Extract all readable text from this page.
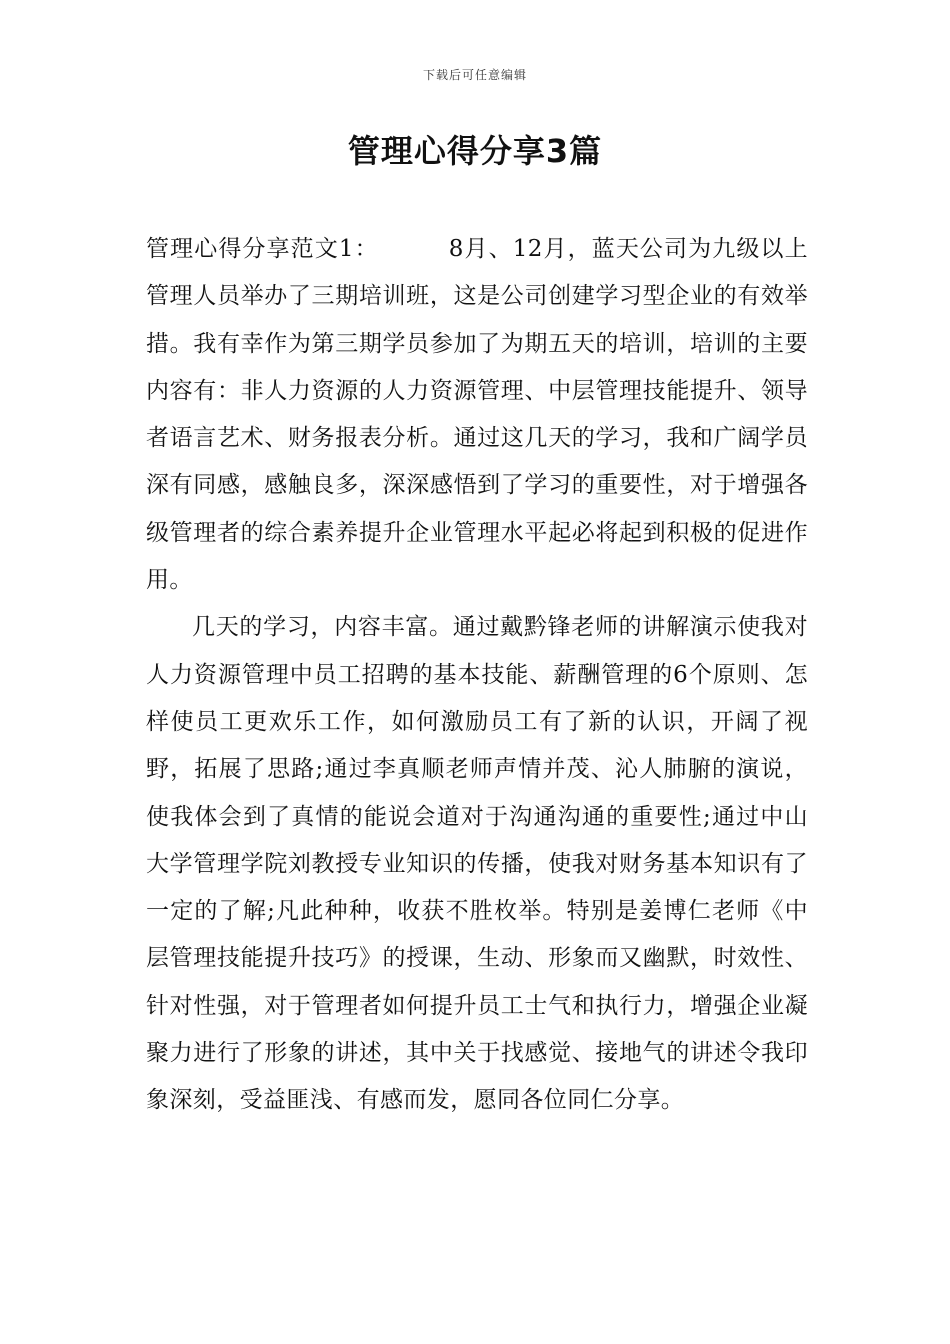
下载后可任意编辑
管理心得分享3篇

管理心得分享范文1：	8月、12月，蓝天公司为九级以上管理人员举办了三期培训班，这是公司创建学习型企业的有效举措。我有幸作为第三期学员参加了为期五天的培训，培训的主要内容有：非人力资源的人力资源管理、中层管理技能提升、领导者语言艺术、财务报表分析。通过这几天的学习，我和广阔学员深有同感，感触良多，深深感悟到了学习的重要性，对于增强各级管理者的综合素养提升企业管理水平起必将起到积极的促进作用。

几天的学习，内容丰富。通过戴黔锋老师的讲解演示使我对人力资源管理中员工招聘的基本技能、薪酬管理的6个原则、怎样使员工更欢乐工作，如何激励员工有了新的认识，开阔了视野，拓展了思路;通过李真顺老师声情并茂、沁人肺腑的演说，使我体会到了真情的能说会道对于沟通沟通的重要性;通过中山大学管理学院刘教授专业知识的传播，使我对财务基本知识有了一定的了解;凡此种种，收获不胜枚举。特别是姜博仁老师《中层管理技能提升技巧》的授课，生动、形象而又幽默，时效性、针对性强，对于管理者如何提升员工士气和执行力，增强企业凝聚力进行了形象的讲述，其中关于找感觉、接地气的讲述令我印象深刻，受益匪浅、有感而发，愿同各位同仁分享。
